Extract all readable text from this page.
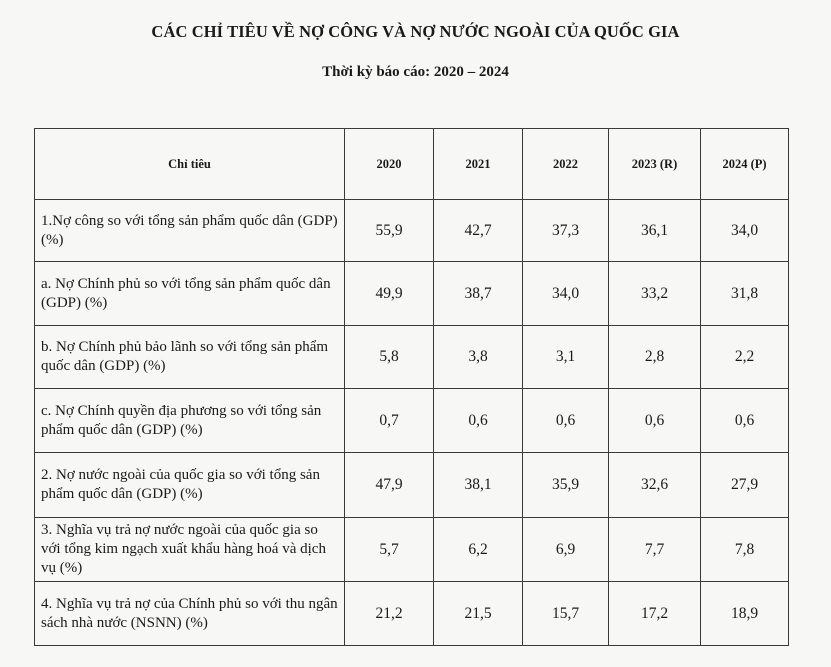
CÁC CHỈ TIÊU VỀ NỢ CÔNG VÀ NỢ NƯỚC NGOÀI CỦA QUỐC GIA
Thời kỳ báo cáo: 2020 – 2024
Chỉ tiêu	2020	2021	2022	2023 (R)	2024 (P)
1.Nợ công so với tổng sản phẩm quốc dân (GDP) (%)	55,9	42,7	37,3	36,1	34,0
a. Nợ Chính phủ so với tổng sản phẩm quốc dân (GDP) (%)	49,9	38,7	34,0	33,2	31,8
b. Nợ Chính phủ bảo lãnh so với tổng sản phẩm quốc dân (GDP) (%)	5,8	3,8	3,1	2,8	2,2
c. Nợ Chính quyền địa phương so với tổng sản phẩm quốc dân (GDP) (%)	0,7	0,6	0,6	0,6	0,6
2. Nợ nước ngoài của quốc gia so với tổng sản phẩm quốc dân (GDP) (%)	47,9	38,1	35,9	32,6	27,9
3. Nghĩa vụ trả nợ nước ngoài của quốc gia so với tổng kim ngạch xuất khẩu hàng hoá và dịch vụ (%)	5,7	6,2	6,9	7,7	7,8
4. Nghĩa vụ trả nợ của Chính phủ so với thu ngân sách nhà nước (NSNN) (%)	21,2	21,5	15,7	17,2	18,9
